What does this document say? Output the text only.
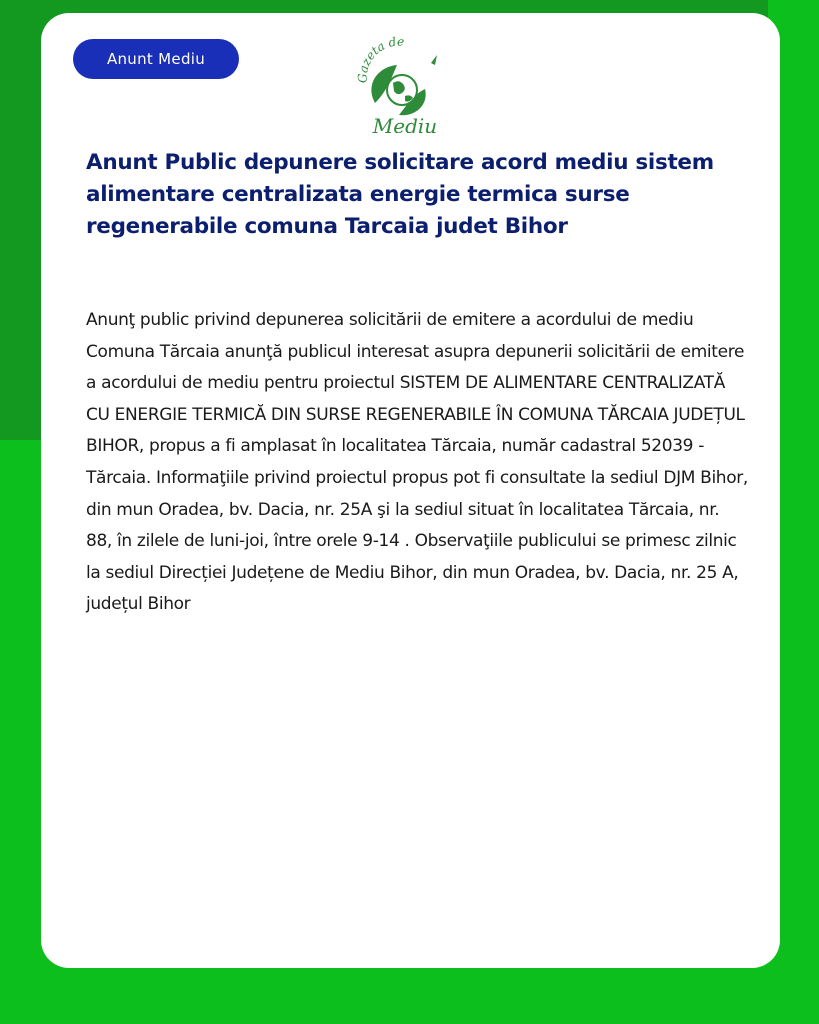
Anunt Mediu
Gazeta de
Mediu
Anunt Public depunere solicitare acord mediu sistem alimentare centralizata energie termica surse regenerabile comuna Tarcaia judet Bihor

Anunţ public privind depunerea solicitării de emitere a acordului de mediu Comuna Tărcaia anunţă publicul interesat asupra depunerii solicitării de emitere a acordului de mediu pentru proiectul SISTEM DE ALIMENTARE CENTRALIZATĂ CU ENERGIE TERMICĂ DIN SURSE REGENERABILE ÎN COMUNA TĂRCAIA JUDEȚUL BIHOR, propus a fi amplasat în localitatea Tărcaia, număr cadastral 52039 -Tărcaia. Informaţiile privind proiectul propus pot fi consultate la sediul DJM Bihor, din mun Oradea, bv. Dacia, nr. 25A şi la sediul situat în localitatea Tărcaia, nr. 88, în zilele de luni-joi, între orele 9-14 . Observaţiile publicului se primesc zilnic la sediul Direcției Județene de Mediu Bihor, din mun Oradea, bv. Dacia, nr. 25 A, județul Bihor
